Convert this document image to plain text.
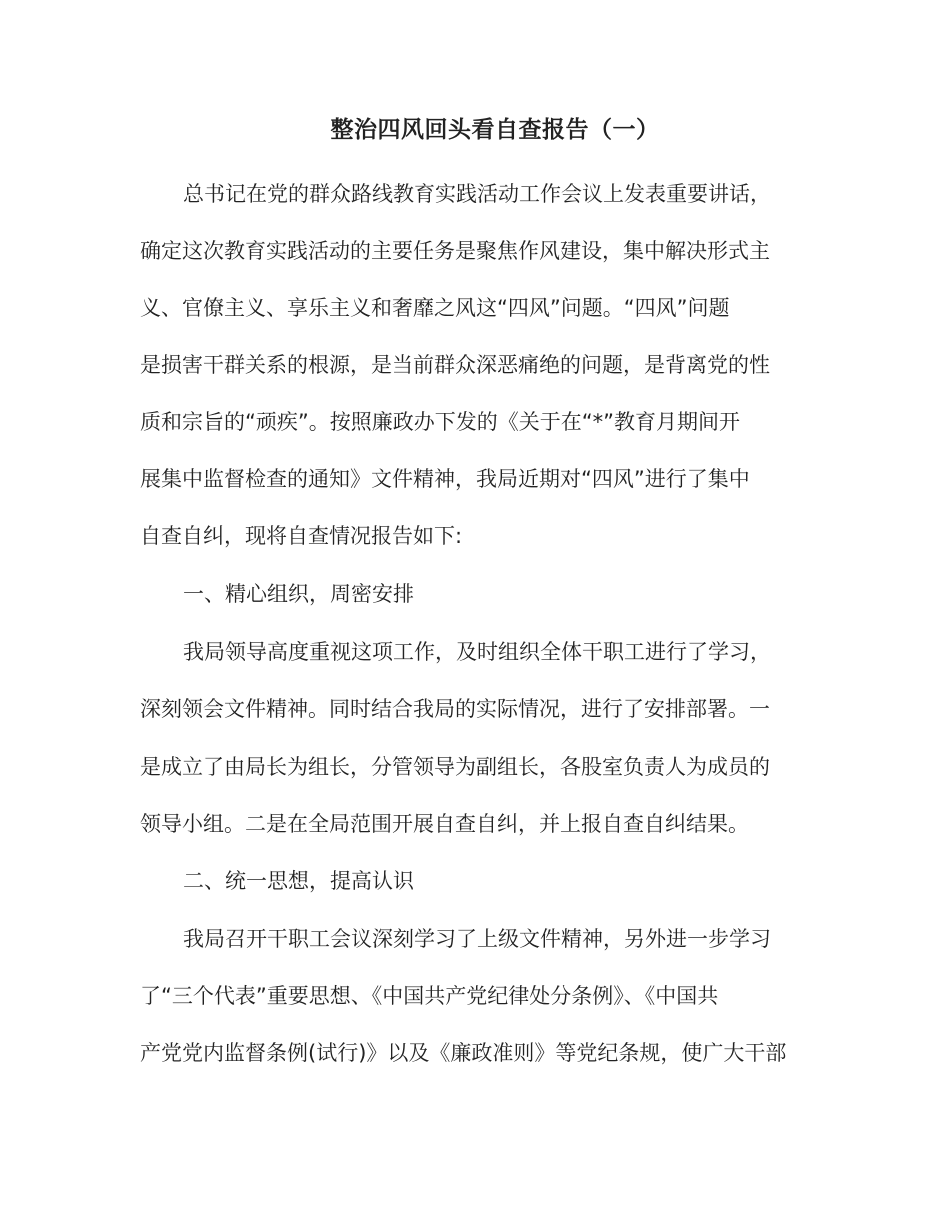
整治四风回头看自查报告（一）
总书记在党的群众路线教育实践活动工作会议上发表重要讲话，
确定这次教育实践活动的主要任务是聚焦作风建设，集中解决形式主
义、官僚主义、享乐主义和奢靡之风这“四风”问题。“四风”问题
是损害干群关系的根源，是当前群众深恶痛绝的问题，是背离党的性
质和宗旨的“顽疾”。按照廉政办下发的《关于在“*”教育月期间开
展集中监督检查的通知》文件精神，我局近期对“四风”进行了集中
自查自纠，现将自查情况报告如下:
一、精心组织，周密安排
我局领导高度重视这项工作，及时组织全体干职工进行了学习，
深刻领会文件精神。同时结合我局的实际情况，进行了安排部署。一
是成立了由局长为组长，分管领导为副组长，各股室负责人为成员的
领导小组。二是在全局范围开展自查自纠，并上报自查自纠结果。
二、统一思想，提高认识
我局召开干职工会议深刻学习了上级文件精神，另外进一步学习
了“三个代表”重要思想、《中国共产党纪律处分条例》、《中国共
产党党内监督条例(试行)》以及《廉政准则》等党纪条规，使广大干部
